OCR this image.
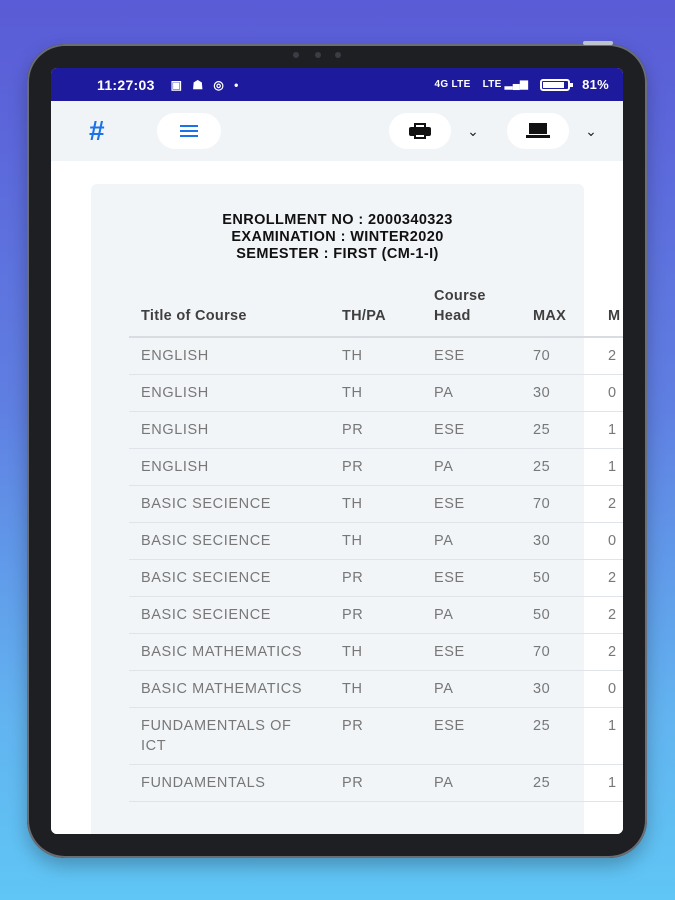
11:27:03 ▣ ☗ ◎ •	4G LTE LTE ▂▄▆	81%
#	⌄	⌄
ENROLLMENT NO : 2000340323
EXAMINATION : WINTER2020
SEMESTER : FIRST (CM-1-I)
Title of Course	TH/PA	Course Head	MAX	M
ENGLISH	TH	ESE	70	2
ENGLISH	TH	PA	30	0
ENGLISH	PR	ESE	25	1
ENGLISH	PR	PA	25	1
BASIC SECIENCE	TH	ESE	70	2
BASIC SECIENCE	TH	PA	30	0
BASIC SECIENCE	PR	ESE	50	2
BASIC SECIENCE	PR	PA	50	2
BASIC MATHEMATICS	TH	ESE	70	2
BASIC MATHEMATICS	TH	PA	30	0
FUNDAMENTALS OF ICT	PR	ESE	25	1
FUNDAMENTALS	PR	PA	25	1
